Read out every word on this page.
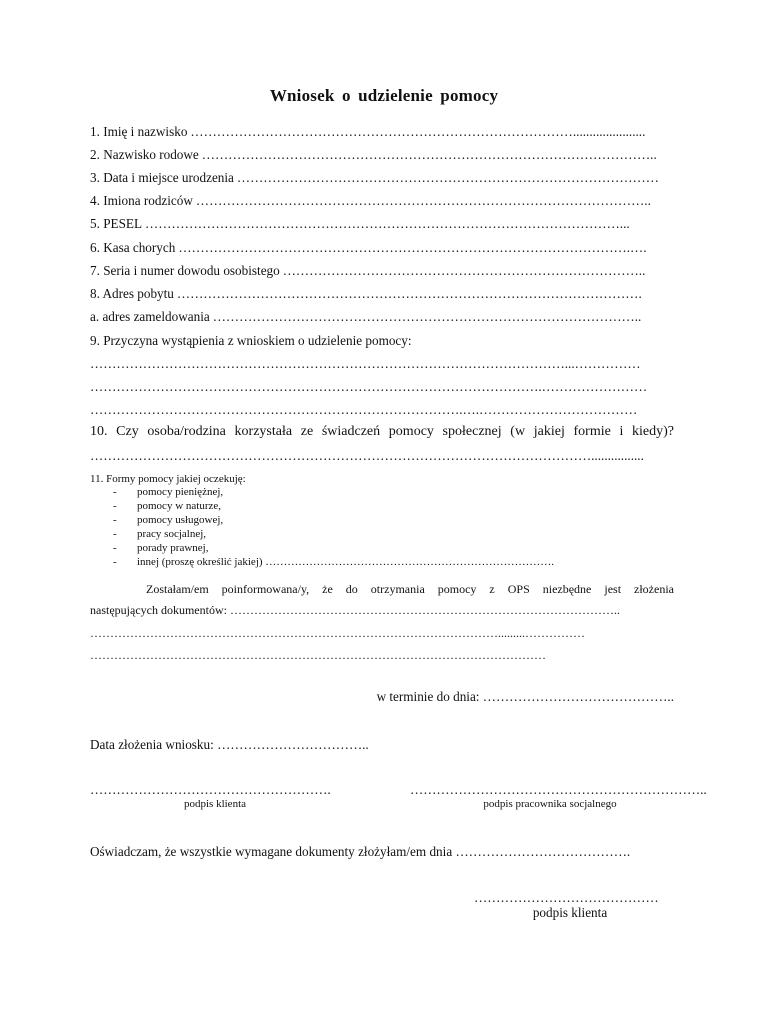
Wniosek o udzielenie pomocy
1. Imię i nazwisko ……………………………………………………………………………......................
2. Nazwisko rodowe …………………………………………………………………………………………..
3. Data i miejsce urodzenia ……………………………………………………………………………………
4. Imiona rodziców …………………………………………………………………………………………..
5. PESEL ………………………………………………………………………………………………...
6. Kasa chorych ………………………………………………………………………………………….….
7. Seria i numer dowodu osobistego ………………………………………………………………………..
8. Adres pobytu …………………………………………………………………………………………….
a. adres zameldowania ……………………………………………………………………………………..
9. Przyczyna wystąpienia z wnioskiem o udzielenie pomocy:
………………………………………………………………………………………………...……………
………………………………………………………………………………………….……………………
………………………………………………………………………….….………………………………
10. Czy osoba/rodzina korzystała ze świadczeń pomocy społecznej (w jakiej formie i kiedy)?
……………………………………………………………………………………………………................
11. Formy pomocy jakiej oczekuję:
- pomocy pieniężnej,
- pomocy w naturze,
- pomocy usługowej,
- pracy socjalnej,
- porady prawnej,
- innej (proszę określić jakiej) …………………………………………………………………….
Zostałam/em poinformowana/y, że do otrzymania pomocy z OPS niezbędne jest złożenia
następujących dokumentów: ……………………………………………………………………………………..
………………………………………………………………………………………….........……………
……………………………………………………………………………………………………
w terminie do dnia: ……………………………………..
Data złożenia wniosku: ……………………………..
……………………………………………….
podpis klienta
…………………………………………………………..
podpis pracownika socjalnego
Oświadczam, że wszystkie wymagane dokumenty złożyłam/em dnia ………………………………….
……………………………………
podpis klienta
